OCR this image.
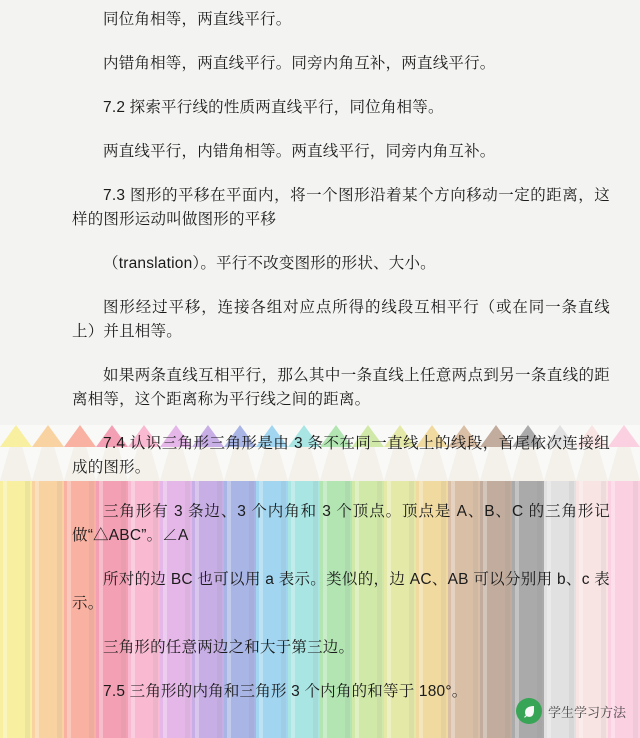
同位角相等，两直线平行。

内错角相等，两直线平行。同旁内角互补，两直线平行。

7.2 探索平行线的性质两直线平行，同位角相等。

两直线平行，内错角相等。两直线平行，同旁内角互补。

7.3 图形的平移在平面内，将一个图形沿着某个方向移动一定的距离，这样的图形运动叫做图形的平移

（translation）。平行不改变图形的形状、大小。

图形经过平移，连接各组对应点所得的线段互相平行（或在同一条直线上）并且相等。

如果两条直线互相平行，那么其中一条直线上任意两点到另一条直线的距离相等，这个距离称为平行线之间的距离。

7.4 认识三角形三角形是由 3 条不在同一直线上的线段，首尾依次连接组成的图形。

三角形有 3 条边、3 个内角和 3 个顶点。顶点是 A、B、C 的三角形记做“△ABC”。∠A

所对的边 BC 也可以用 a 表示。类似的，边 AC、AB 可以分别用 b、c 表示。

三角形的任意两边之和大于第三边。

7.5 三角形的内角和三角形 3 个内角的和等于 180°。

学生学习方法
